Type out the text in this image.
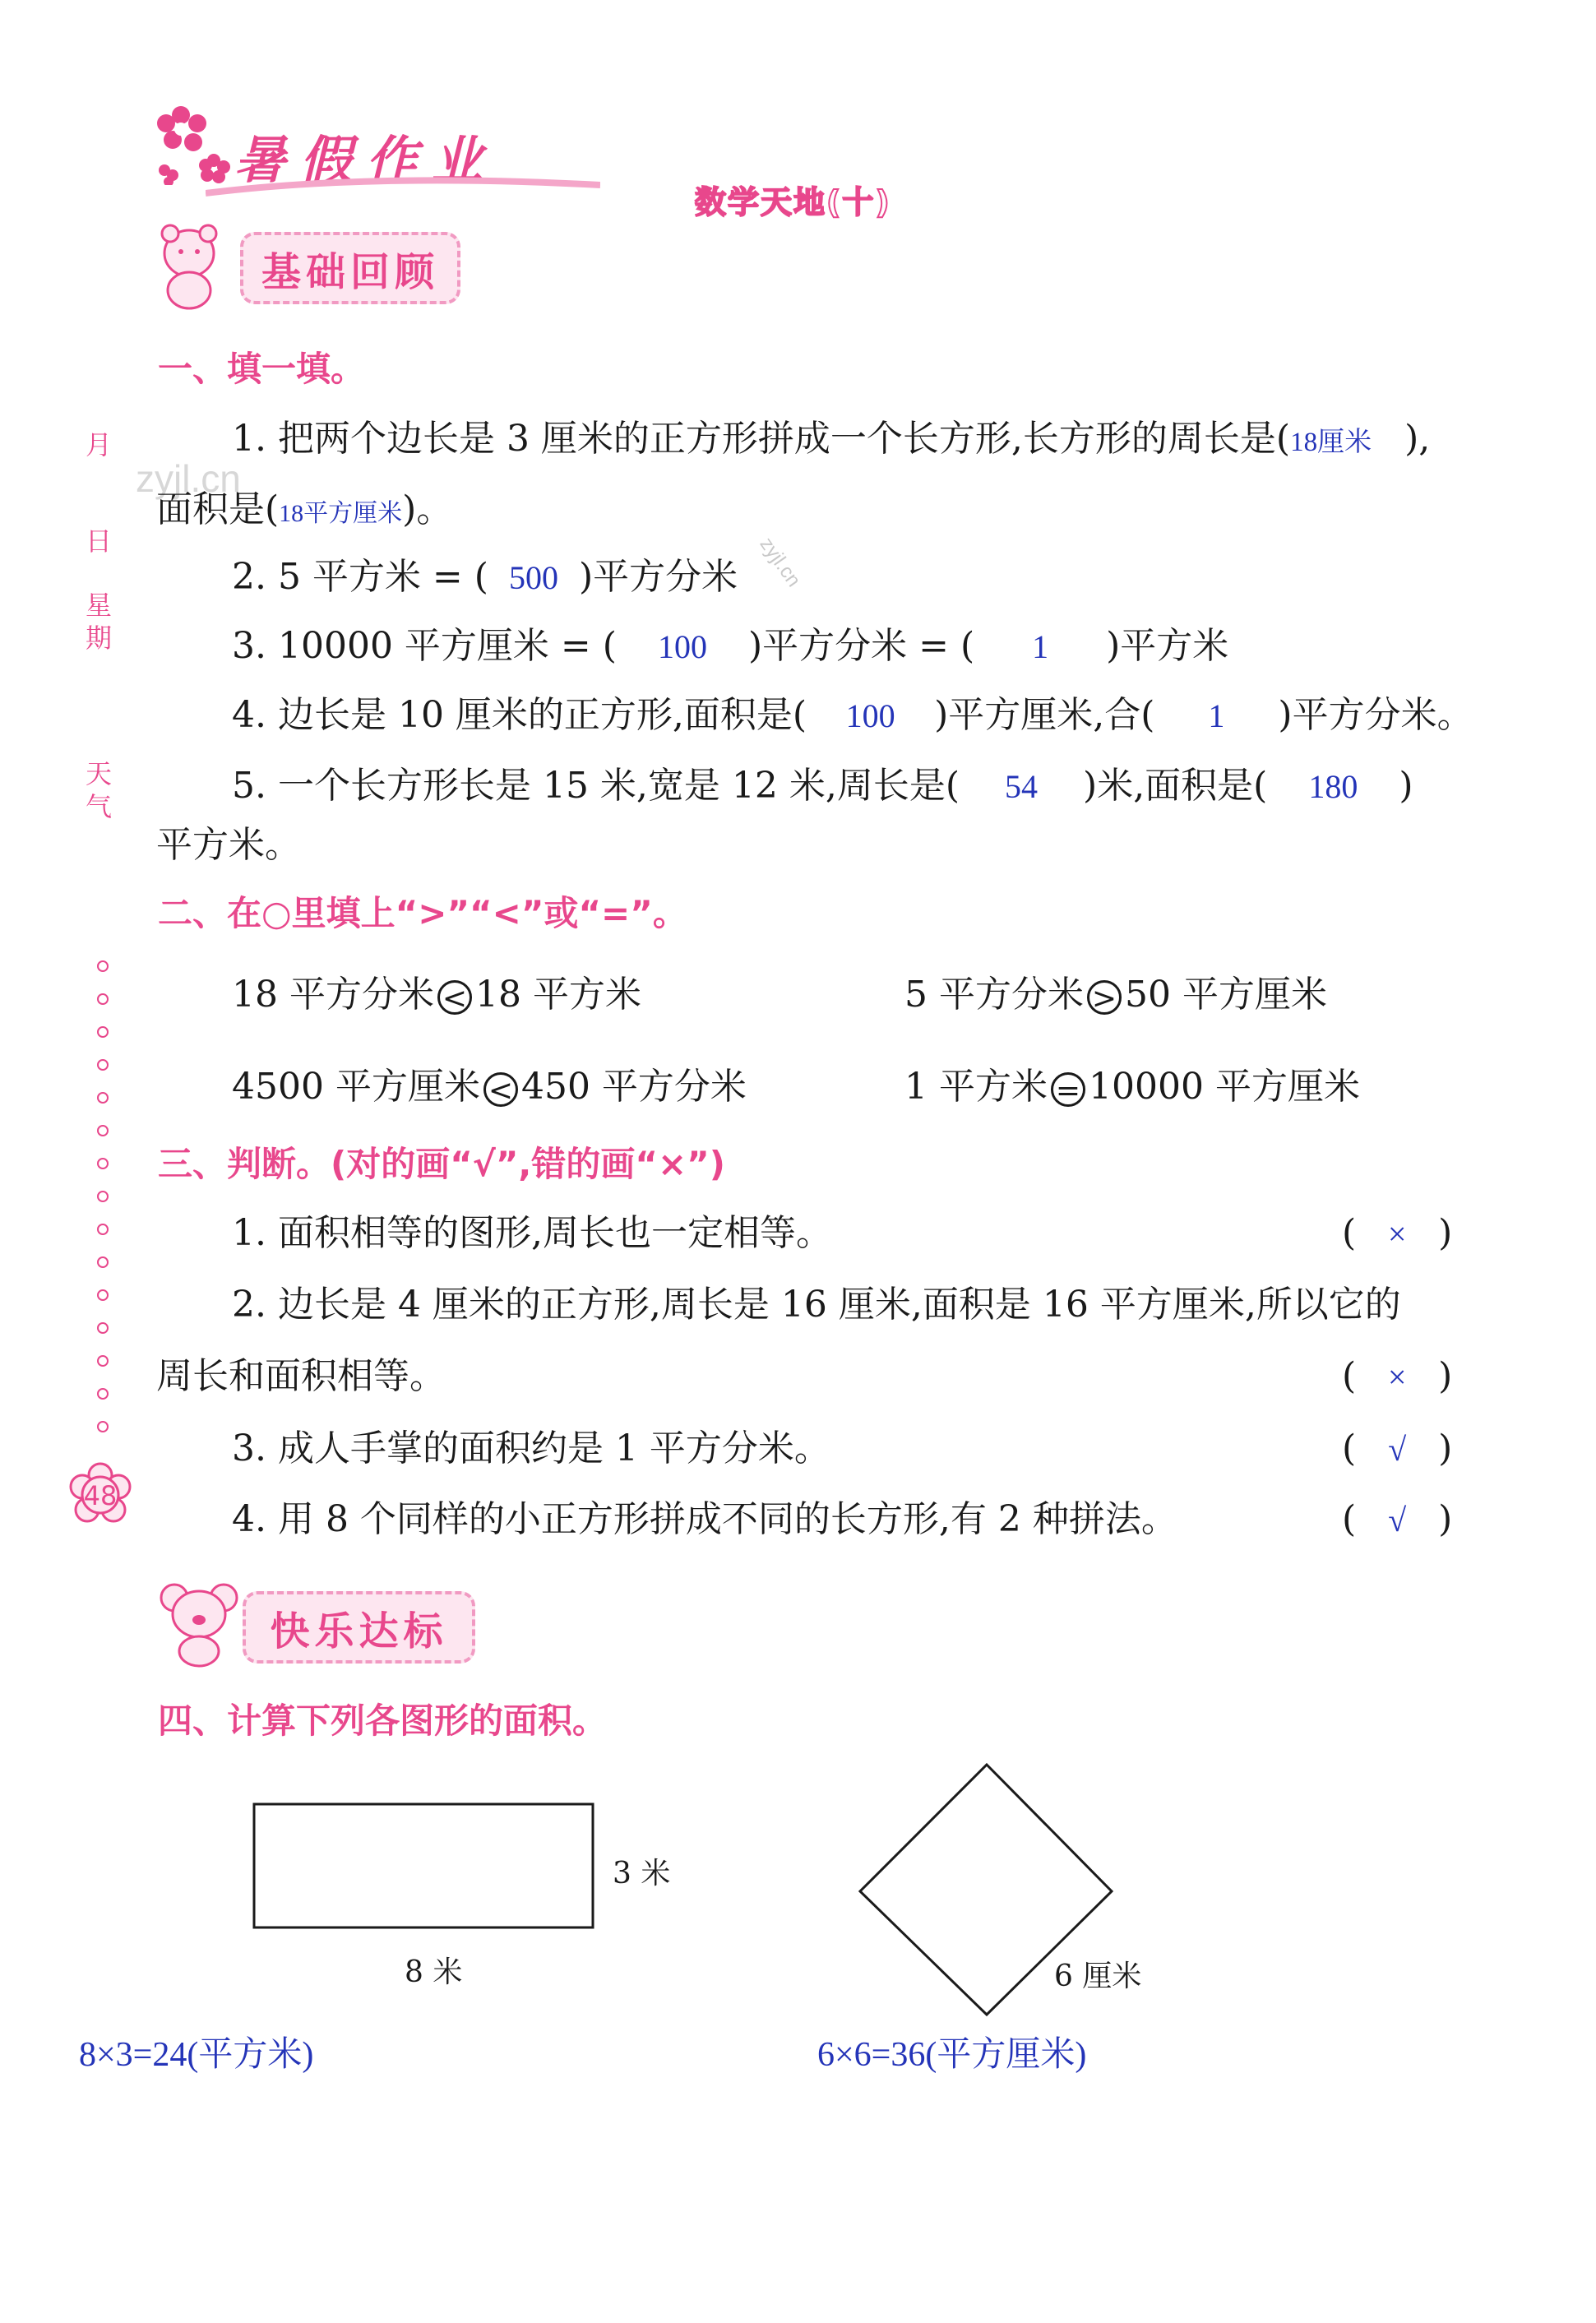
暑假作业
数学天地(十)
基础回顾
月
日
星
期
天
气
48
zyjl.cn
zyjl.cn
一、填一填。
1. 把两个边长是 3 厘米的正方形拼成一个长方形,长方形的周长是(18厘米 ),
面积是(18平方厘米)。
2. 5 平方米 = ( 500 )平方分米
3. 10000 平方厘米 = ( 100 )平方分米 = ( 1 )平方米
4. 边长是 10 厘米的正方形,面积是( 100 )平方厘米,合( 1 )平方分米。
5. 一个长方形长是 15 米,宽是 12 米,周长是( 54 )米,面积是( 180 )
平方米。
二、在○里填上“>”“<”或“=”。
18 平方分米 < 18 平方米	5 平方分米 > 50 平方厘米
4500 平方厘米 < 450 平方分米	1 平方米 = 10000 平方厘米
三、判断。(对的画“√”,错的画“×”)
1. 面积相等的图形,周长也一定相等。	( × )
2. 边长是 4 厘米的正方形,周长是 16 厘米,面积是 16 平方厘米,所以它的
周长和面积相等。	( × )
3. 成人手掌的面积约是 1 平方分米。	( √ )
4. 用 8 个同样的小正方形拼成不同的长方形,有 2 种拼法。	( √ )
快乐达标
四、计算下列各图形的面积。
3 米
8 米	6 厘米
8×3=24(平方米)	6×6=36(平方厘米)
